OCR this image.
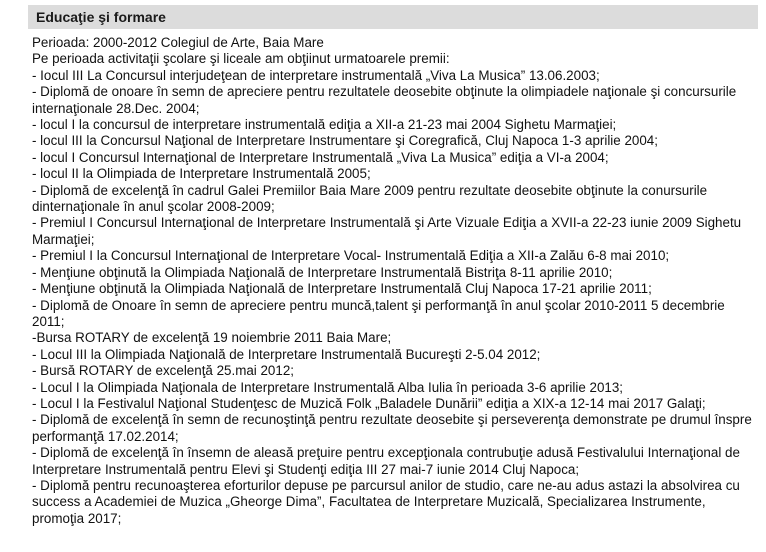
Educaţie şi formare
Perioada: 2000-2012 Colegiul de Arte, Baia Mare
Pe perioada activitaţii şcolare şi liceale am obţiinut urmatoarele premii:
- Iocul III La Concursul interjudeţean de interpretare instrumentală „Viva La Musica” 13.06.2003;
- Diplomă de onoare în semn de apreciere pentru rezultatele deosebite obţinute la olimpiadele naţionale şi concursurile internaţionale 28.Dec. 2004;
- locul I la concursul de interpretare instrumentală ediţia a XII-a 21-23 mai 2004 Sighetu Marmaţiei;
- locul III la Concursul Naţional de Interpretare Instrumentare şi Coregrafică, Cluj Napoca 1-3 aprilie 2004;
- locul I Concursul Internaţional de Interpretare Instrumentală „Viva La Musica” ediţia a VI-a 2004;
- locul II la Olimpiada de Interpretare Instrumentală 2005;
- Diplomă de excelenţă în cadrul Galei Premiilor Baia Mare 2009 pentru rezultate deosebite obţinute la conursurile dinternaţionale în anul şcolar 2008-2009;
- Premiul I Concursul Internaţional de Interpretare Instrumentală şi Arte Vizuale Ediţia a XVII-a 22-23 iunie 2009 Sighetu Marmaţiei;
- Premiul I la Concursul Internaţional de Interpretare Vocal- Instrumentală Ediţia a XII-a Zalău 6-8 mai 2010;
- Menţiune obţinută la Olimpiada Naţională de Interpretare Instrumentală Bistriţa 8-11 aprilie 2010;
- Menţiune obţinută la Olimpiada Naţională de Interpretare Instrumentală Cluj Napoca 17-21 aprilie 2011;
- Diplomă de Onoare în semn de apreciere pentru muncă,talent şi performanţă în anul şcolar 2010-2011 5 decembrie 2011;
-Bursa ROTARY de excelenţă 19 noiembrie 2011 Baia Mare;
- Locul III la Olimpiada Naţională de Interpretare Instrumentală Bucureşti 2-5.04 2012;
- Bursă ROTARY de excelenţă 25.mai 2012;
- Locul I la Olimpiada Naţionala de Interpretare Instrumentală Alba Iulia în perioada 3-6 aprilie 2013;
- Locul I la Festivalul Naţional Studenţesc de Muzică Folk „Baladele Dunării” ediţia a XIX-a 12-14 mai 2017 Galaţi;
- Diplomă de excelenţă în semn de recunoştinţă pentru rezultate deosebite şi perseverenţa demonstrate pe drumul înspre performanţă 17.02.2014;
- Diplomă de excelenţă în însemn de aleasă preţuire pentru excepţionala contrubuţie adusă Festivalului Internaţional de Interpretare Instrumentală pentru Elevi şi Studenţi ediţia III 27 mai-7 iunie 2014 Cluj Napoca;
- Diplomă pentru recunoaşterea eforturilor depuse pe parcursul anilor de studio, care ne-au adus astazi la absolvirea cu success a Academiei de Muzica „Gheorge Dima”, Facultatea de Interpretare Muzicală, Specializarea Instrumente, promoţia 2017;
